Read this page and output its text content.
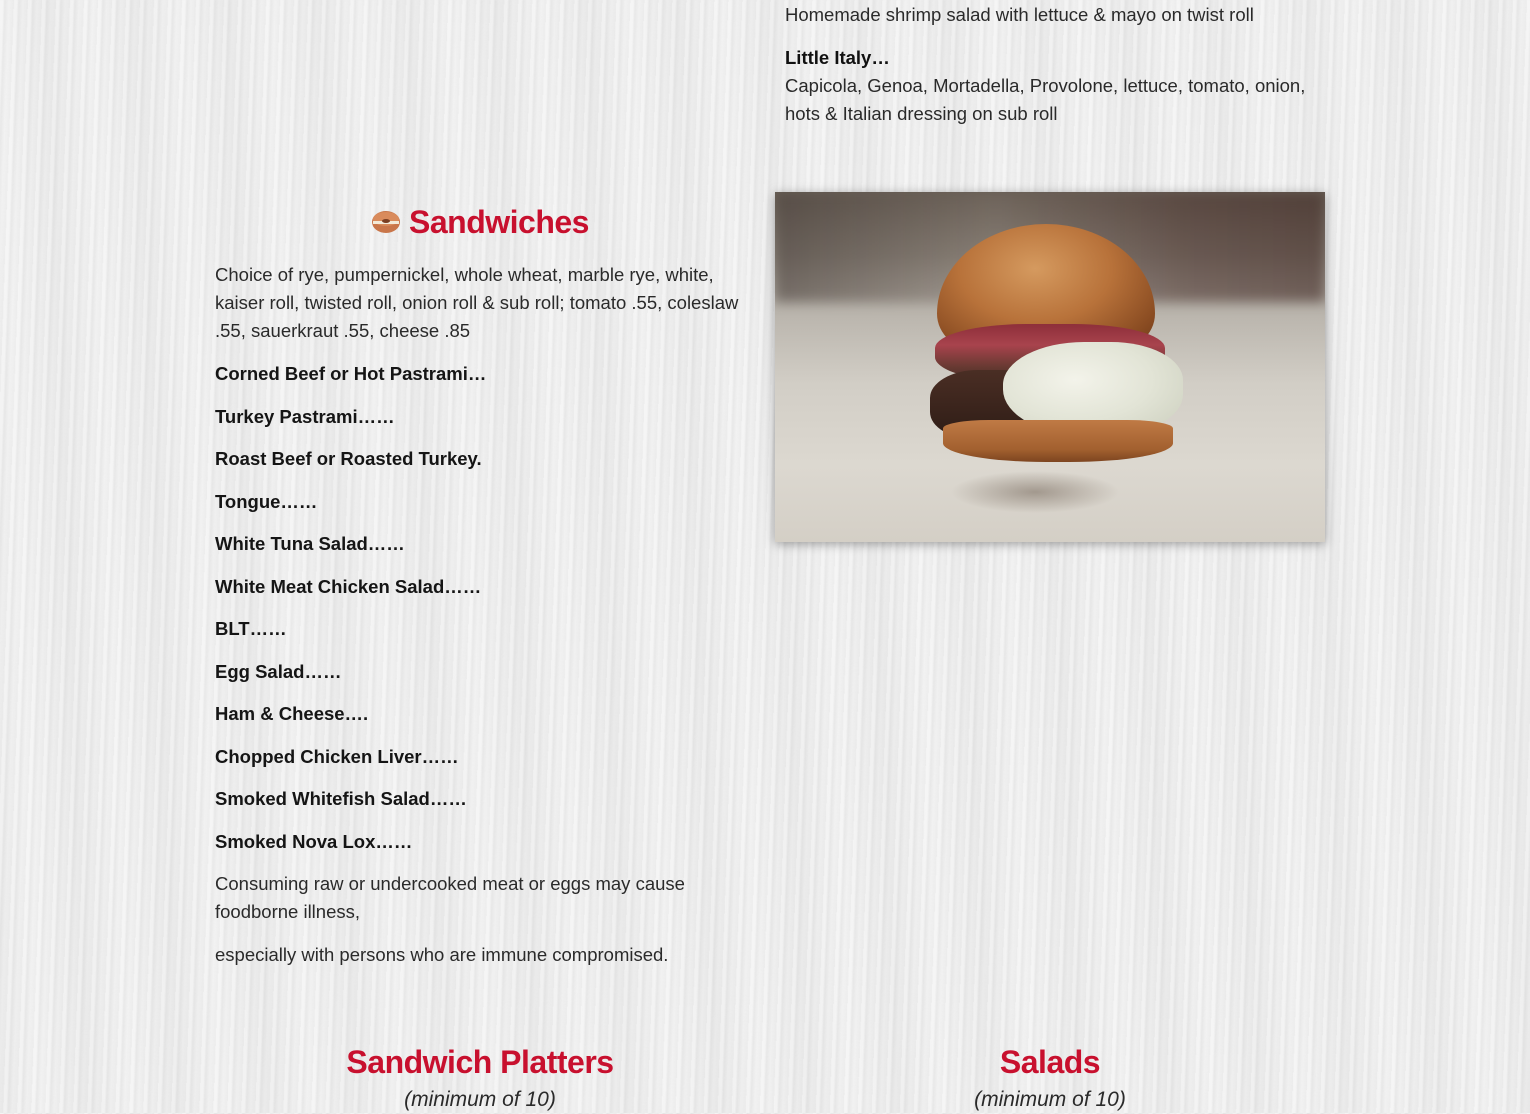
Homemade shrimp salad with lettuce & mayo on twist roll

Little Italy…

Capicola, Genoa, Mortadella, Provolone, lettuce, tomato, onion, hots & Italian dressing on sub roll

Sandwiches

Choice of rye, pumpernickel, whole wheat, marble rye, white, kaiser roll, twisted roll, onion roll & sub roll; tomato .55, coleslaw .55, sauerkraut .55, cheese .85

Corned Beef or Hot Pastrami…

Turkey Pastrami……

Roast Beef or Roasted Turkey.

Tongue……

White Tuna Salad……

White Meat Chicken Salad……

BLT……

Egg Salad……

Ham & Cheese….

Chopped Chicken Liver……

Smoked Whitefish Salad……

Smoked Nova Lox……

Consuming raw or undercooked meat or eggs may cause foodborne illness,

especially with persons who are immune compromised.

Sandwich Platters
(minimum of 10)
Salads
(minimum of 10)
